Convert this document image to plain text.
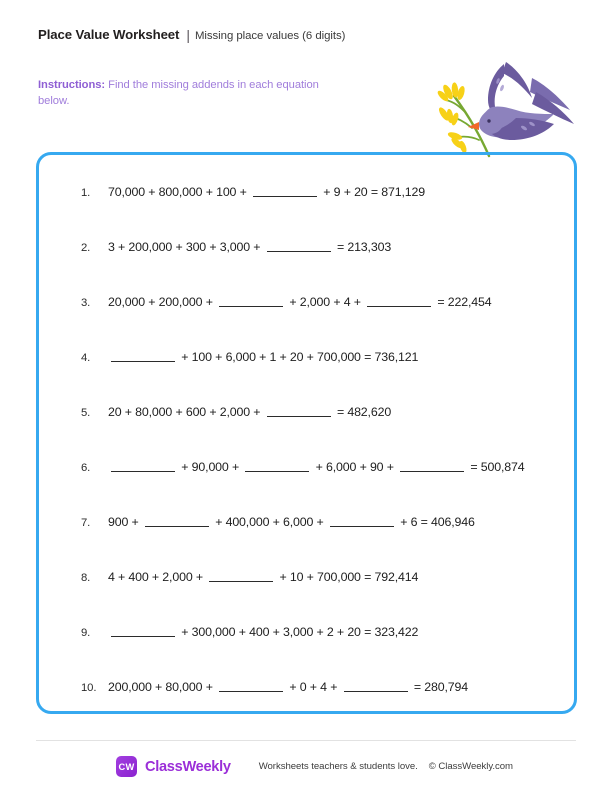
Place Value Worksheet | Missing place values (6 digits)
Instructions: Find the missing addends in each equation below.
1.	70,000 + 800,000 + 100 +	+ 9 + 20 = 871,129
2.	3 + 200,000 + 300 + 3,000 +	= 213,303
3.	20,000 + 200,000 +	+ 2,000 + 4 +	= 222,454
4.	+ 100 + 6,000 + 1 + 20 + 700,000 = 736,121
5.	20 + 80,000 + 600 + 2,000 +	= 482,620
6.	+ 90,000 +	+ 6,000 + 90 +	= 500,874
7.	900 +	+ 400,000 + 6,000 +	+ 6 = 406,946
8.	4 + 400 + 2,000 +	+ 10 + 700,000 = 792,414
9.	+ 300,000 + 400 + 3,000 + 2 + 20 = 323,422
10. 200,000 + 80,000 +	+ 0 + 4 +	= 280,794
CW ClassWeekly	Worksheets teachers & students love. © ClassWeekly.com
